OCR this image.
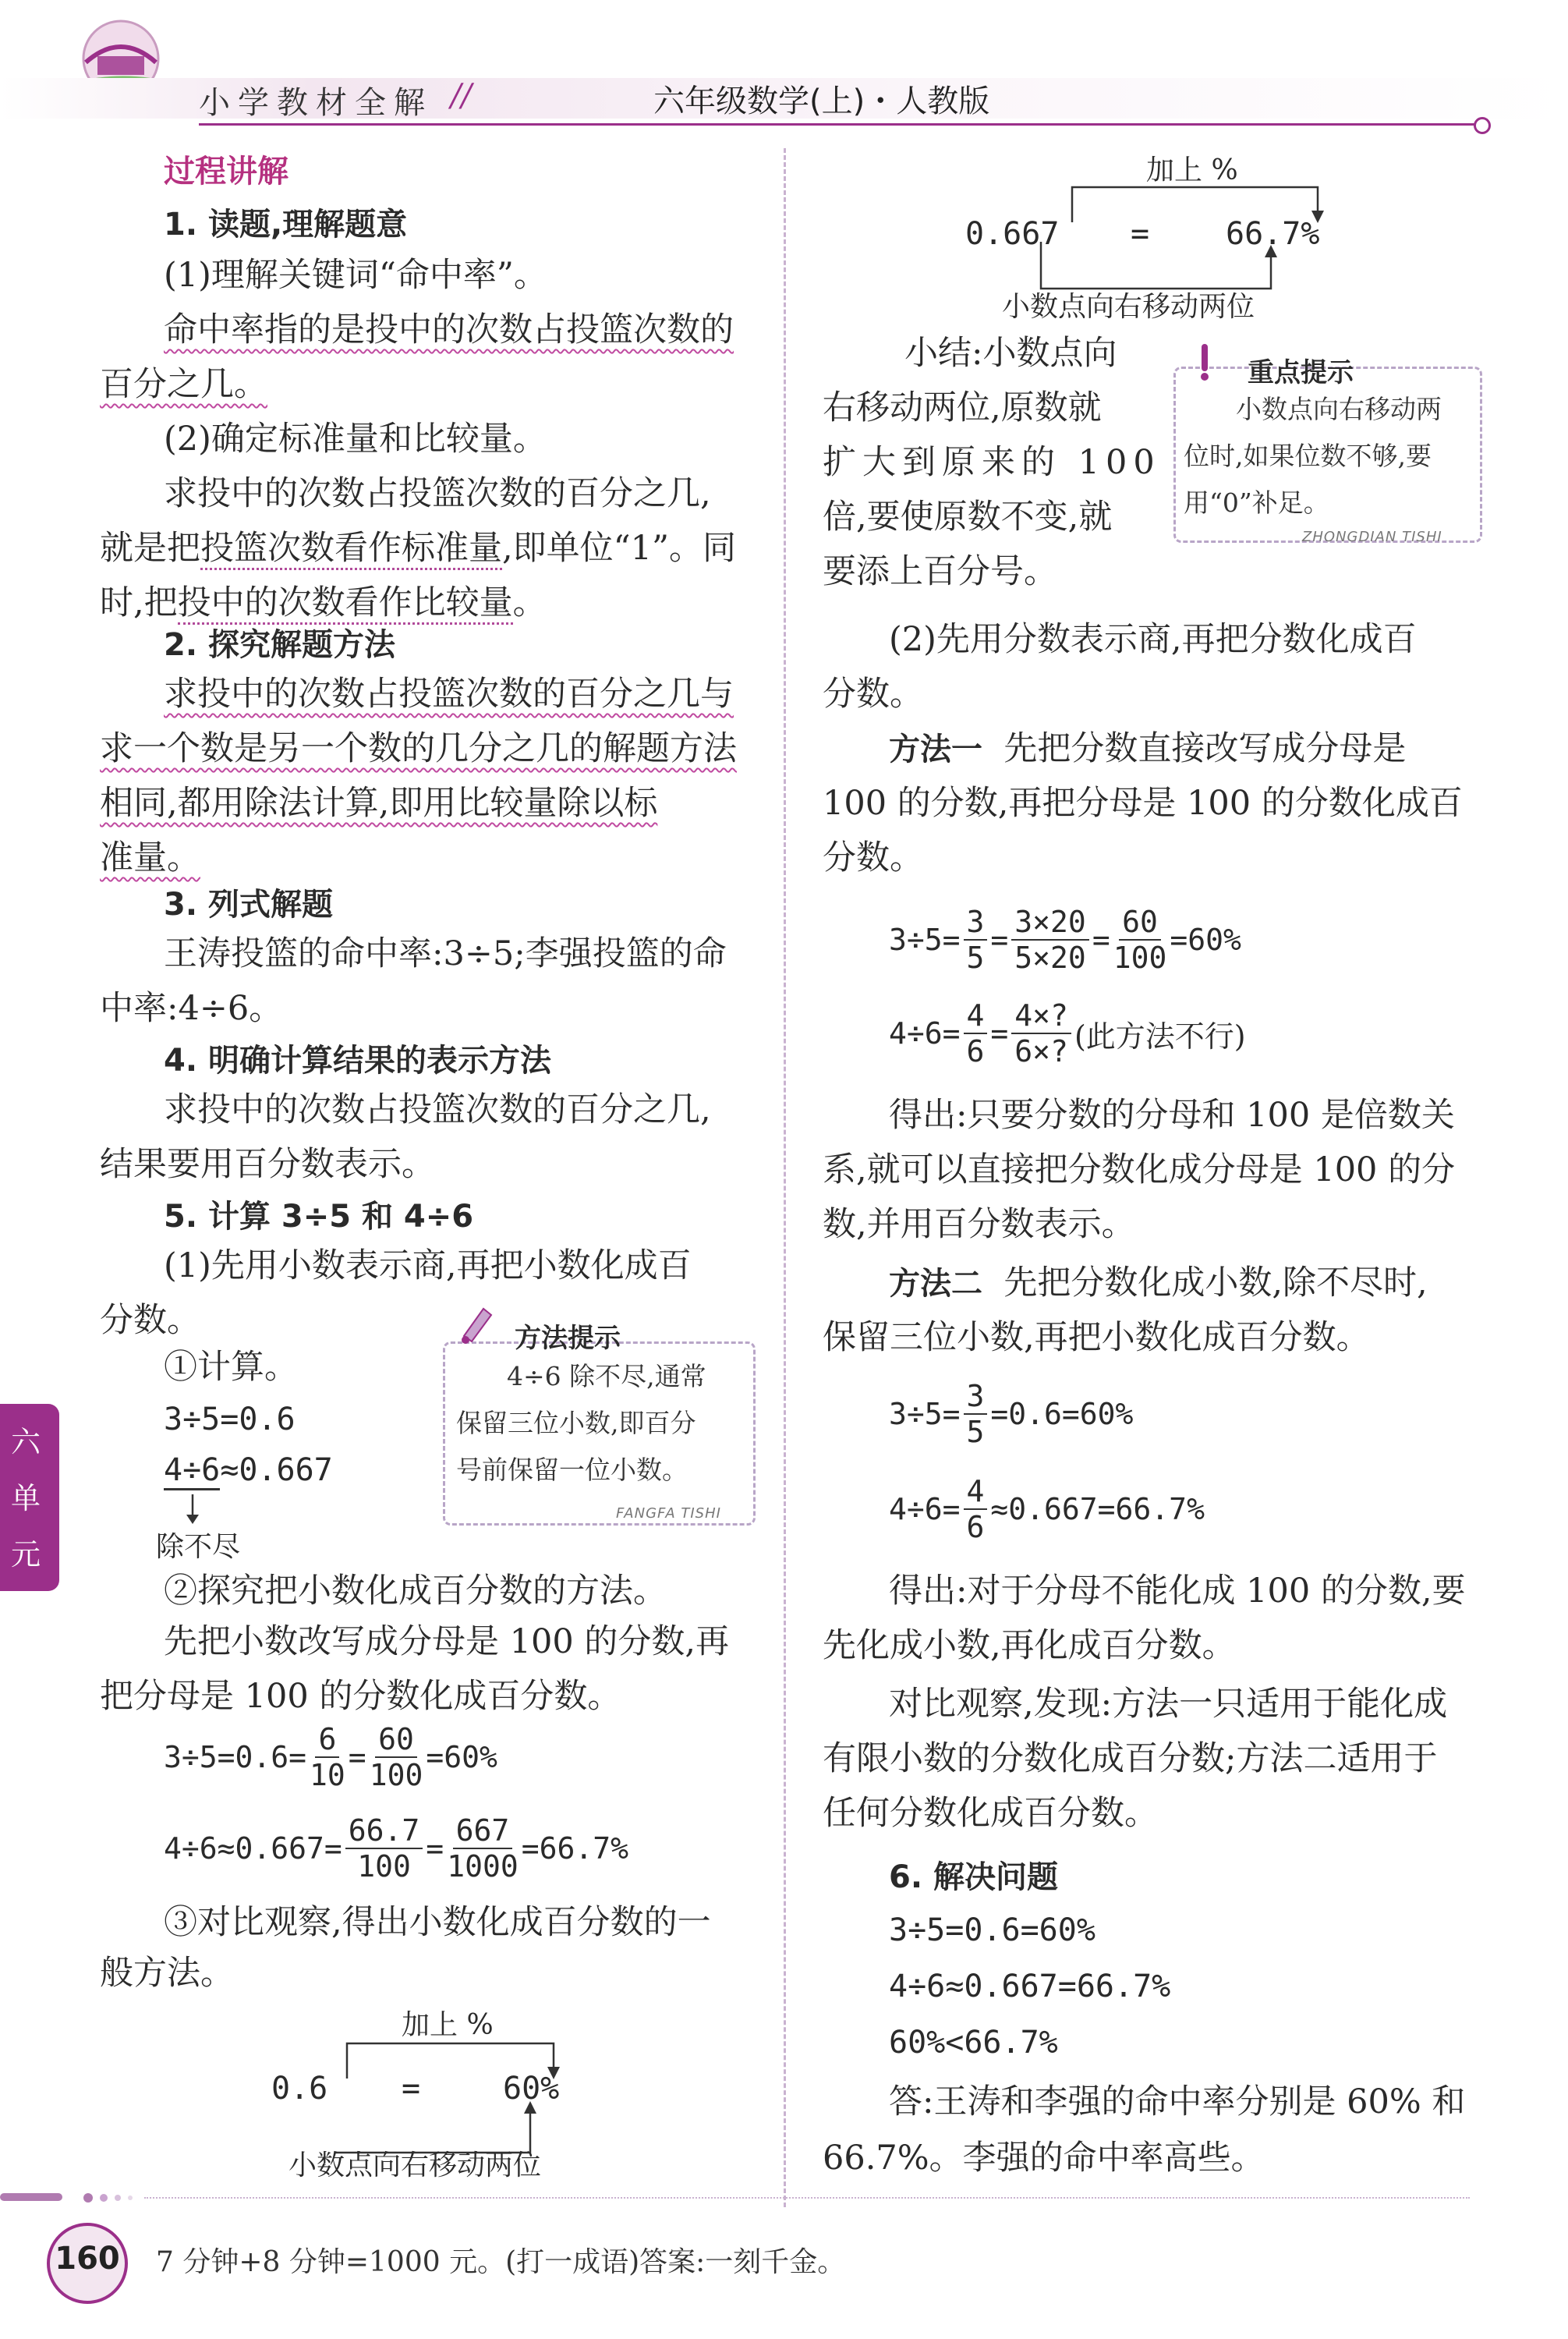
小学教材全解 //	六年级数学(上)・人教版
六
单
元
过程讲解
1. 读题,理解题意
(1)理解关键词“命中率”。
命中率指的是投中的次数占投篮次数的
百分之几。
(2)确定标准量和比较量。
求投中的次数占投篮次数的百分之几,
就是把投篮次数看作标准量,即单位“1”。同
时,把投中的次数看作比较量。
2. 探究解题方法
求投中的次数占投篮次数的百分之几与
求一个数是另一个数的几分之几的解题方法
相同,都用除法计算,即用比较量除以标
准量。
3. 列式解题
王涛投篮的命中率:3÷5;李强投篮的命
中率:4÷6。
4. 明确计算结果的表示方法
求投中的次数占投篮次数的百分之几,
结果要用百分数表示。
5. 计算 3÷5 和 4÷6
(1)先用小数表示商,再把小数化成百
分数。
①计算。
3÷5=0.6
4÷6≈0.667
除不尽
方法提示
4÷6 除不尽,通常
保留三位小数,即百分
号前保留一位小数。
FANGFA TISHI
②探究把小数化成百分数的方法。
先把小数改写成分母是 100 的分数,再
把分母是 100 的分数化成百分数。
$3\div 5=0.6= \frac{6}{10} = \frac{60}{100} =60\%$
$4\div 6\approx 0.667= \frac{66.7}{100} = \frac{667}{1000} =66.7\%$
③对比观察,得出小数化成百分数的一
般方法。
加上 %
0.6 =	60%
小数点向右移动两位
加上 %
0.667 = 66.7%
小数点向右移动两位
小结:小数点向
右移动两位,原数就
扩大到原来的 100
倍,要使原数不变,就
要添上百分号。
重点提示
小数点向右移动两
位时,如果位数不够,要
用“0”补足。
ZHONGDIAN TISHI
(2)先用分数表示商,再把分数化成百
分数。
方法一 先把分数直接改写成分母是
100 的分数,再把分母是 100 的分数化成百
分数。
$3\div 5= \frac{3}{5} = \frac{3\times 20}{5\times 20} = \frac{60}{100} =60\%$
$4\div 6= \frac{4}{6} = \frac{4\times?}{6\times?}$ (此方法不行)
得出:只要分数的分母和 100 是倍数关
系,就可以直接把分数化成分母是 100 的分
数,并用百分数表示。
方法二 先把分数化成小数,除不尽时,
保留三位小数,再把小数化成百分数。
$3\div 5= \frac{3}{5} =0.6=60\%$
$4\div 6= \frac{4}{6} \approx 0.667=66.7\%$
得出:对于分母不能化成 100 的分数,要
先化成小数,再化成百分数。
对比观察,发现:方法一只适用于能化成
有限小数的分数化成百分数;方法二适用于
任何分数化成百分数。
6. 解决问题
3÷5=0.6=60%
4÷6≈0.667=66.7%
60%<66.7%
答:王涛和李强的命中率分别是 60% 和
66.7%。李强的命中率高些。
160 7 分钟+8 分钟=1000 元。(打一成语)答案:一刻千金。
